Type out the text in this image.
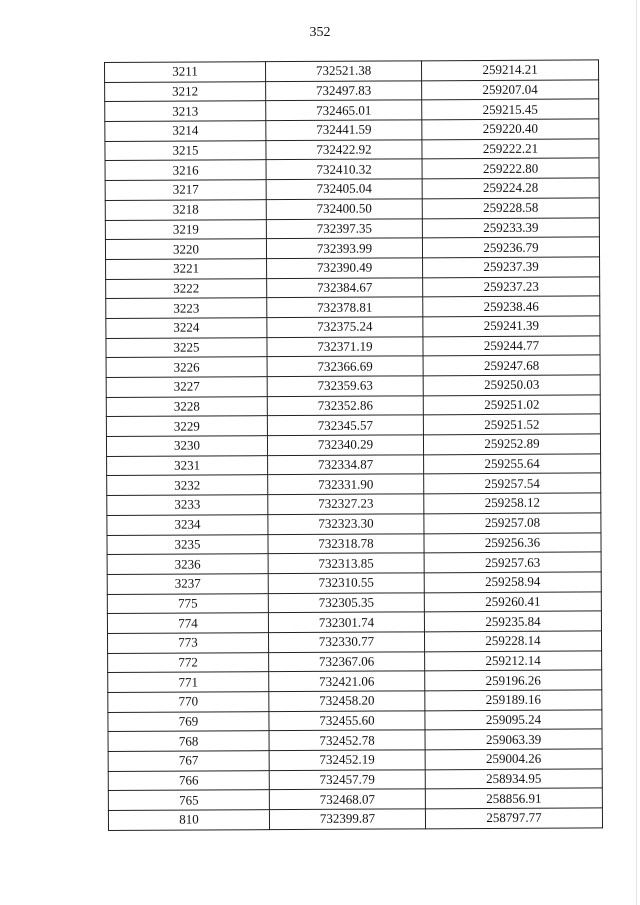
352
3211	732521.38	259214.21
3212	732497.83	259207.04
3213	732465.01	259215.45
3214	732441.59	259220.40
3215	732422.92	259222.21
3216	732410.32	259222.80
3217	732405.04	259224.28
3218	732400.50	259228.58
3219	732397.35	259233.39
3220	732393.99	259236.79
3221	732390.49	259237.39
3222	732384.67	259237.23
3223	732378.81	259238.46
3224	732375.24	259241.39
3225	732371.19	259244.77
3226	732366.69	259247.68
3227	732359.63	259250.03
3228	732352.86	259251.02
3229	732345.57	259251.52
3230	732340.29	259252.89
3231	732334.87	259255.64
3232	732331.90	259257.54
3233	732327.23	259258.12
3234	732323.30	259257.08
3235	732318.78	259256.36
3236	732313.85	259257.63
3237	732310.55	259258.94
775	732305.35	259260.41
774	732301.74	259235.84
773	732330.77	259228.14
772	732367.06	259212.14
771	732421.06	259196.26
770	732458.20	259189.16
769	732455.60	259095.24
768	732452.78	259063.39
767	732452.19	259004.26
766	732457.79	258934.95
765	732468.07	258856.91
810	732399.87	258797.77
